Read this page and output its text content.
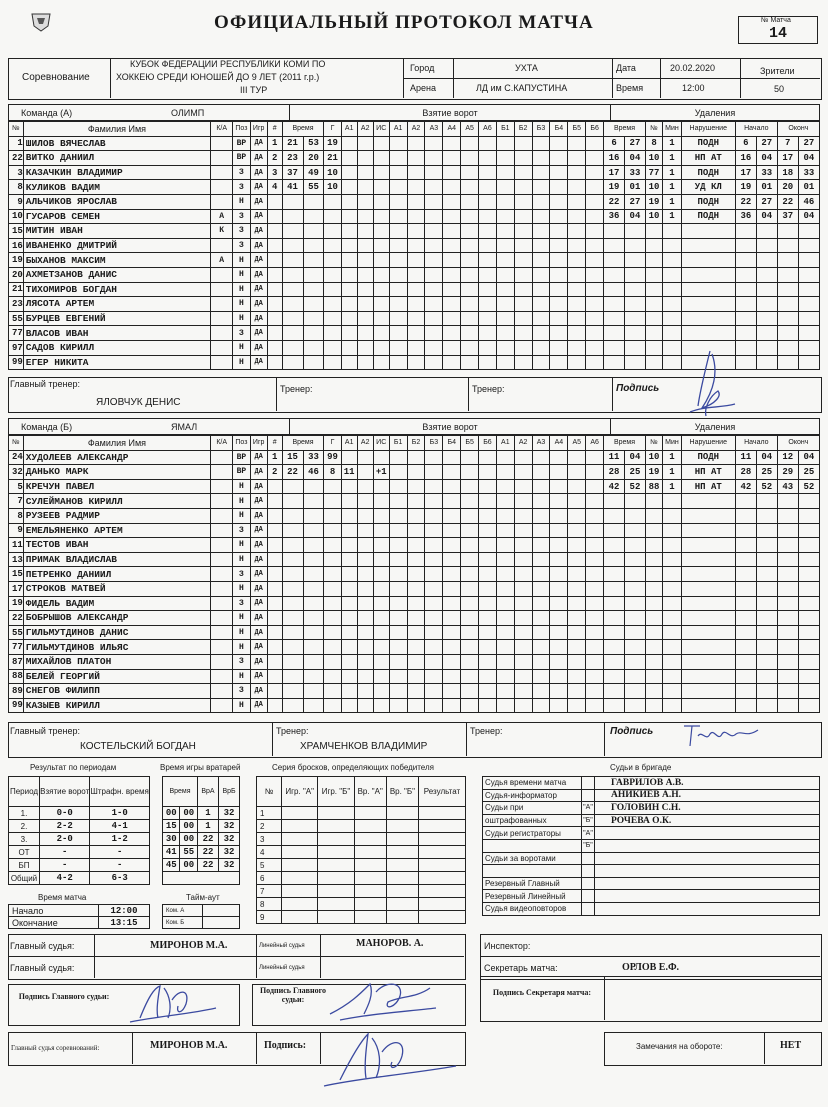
ОФИЦИАЛЬНЫЙ ПРОТОКОЛ МАТЧА	№ Матча
14
Соревнование
КУБОК ФЕДЕРАЦИИ РЕСПУБЛИКИ КОМИ ПО
ХОККЕЮ СРЕДИ ЮНОШЕЙ ДО 9 ЛЕТ (2011 г.р.)
III ТУР
Город	УХТА
Арена	ЛД им С.КАПУСТИНА
Дата	20.02.2020
Время	12:00
Зрители
50
Команда (А)	ОЛИМП	Взятие ворот	Удаления
№	Фамилия Имя	К/А	Поз	Игр	#	Время		Г	А1	А2	ИС	А1	А2	А3	А4	А5	А6	Б1	Б2	Б3	Б4	Б5	Б6	Время		№	Мин	Нарушение	Начало		Оконч	
1	ШИЛОВ ВЯЧЕСЛАВ		ВР	ДА	1	21	53	19																6	27	8	1	ПОДН	6	27	7	27
22	ВИТКО ДАНИИЛ		ВР	ДА	2	23	20	21																16	04	10	1	НП АТ	16	04	17	04
3	КАЗАЧКИН ВЛАДИМИР		З	ДА	3	37	49	10																17	33	77	1	ПОДН	17	33	18	33
8	КУЛИКОВ ВАДИМ		З	ДА	4	41	55	10																19	01	10	1	УД КЛ	19	01	20	01
9	АЛЬЧИКОВ ЯРОСЛАВ		Н	ДА																				22	27	19	1	ПОДН	22	27	22	46
10	ГУСАРОВ СЕМЕН	А	З	ДА																				36	04	10	1	ПОДН	36	04	37	04
15	МИТИН ИВАН	К	З	ДА																												
16	ИВАНЕНКО ДМИТРИЙ		З	ДА																												
19	БЫХАНОВ МАКСИМ	А	Н	ДА																												
20	АХМЕТЗАНОВ ДАНИС		Н	ДА																												
21	ТИХОМИРОВ БОГДАН		Н	ДА																												
23	ЛЯСОТА АРТЕМ		Н	ДА																												
55	БУРЦЕВ ЕВГЕНИЙ		Н	ДА																												
77	ВЛАСОВ ИВАН		З	ДА																												
97	САДОВ КИРИЛЛ		Н	ДА																												
99	ЕГЕР НИКИТА		Н	ДА																												
Команда (Б)	ЯМАЛ	Взятие ворот	Удаления
№	Фамилия Имя	К/А	Поз	Игр	#	Время		Г	А1	А2	ИС	Б1	Б2	Б3	Б4	Б5	Б6	А1	А2	А3	А4	А5	А6	Время		№	Мин	Нарушение	Начало		Оконч	
24	ХУДОЛЕЕВ АЛЕКСАНДР		ВР	ДА	1	15	33	99																11	04	10	1	ПОДН	11	04	12	04
32	ДАНЬКО МАРК		ВР	ДА	2	22	46	8	11		+1													28	25	19	1	НП АТ	28	25	29	25
5	КРЕЧУН ПАВЕЛ		Н	ДА																				42	52	88	1	НП АТ	42	52	43	52
7	СУЛЕЙМАНОВ КИРИЛЛ		Н	ДА																												
8	РУЗЕЕВ РАДМИР		Н	ДА																												
9	ЕМЕЛЬЯНЕНКО АРТЕМ		З	ДА																												
11	ТЕСТОВ ИВАН		Н	ДА																												
13	ПРИМАК ВЛАДИСЛАВ		Н	ДА																												
15	ПЕТРЕНКО ДАНИИЛ		З	ДА																												
17	СТРОКОВ МАТВЕЙ		Н	ДА																												
19	ФИДЕЛЬ ВАДИМ		З	ДА																												
22	БОБРЫШОВ АЛЕКСАНДР		Н	ДА																												
55	ГИЛЬМУТДИНОВ ДАНИС		Н	ДА																												
77	ГИЛЬМУТДИНОВ ИЛЬЯС		Н	ДА																												
87	МИХАЙЛОВ ПЛАТОН		З	ДА																												
88	БЕЛЕЙ ГЕОРГИЙ		Н	ДА																												
89	СНЕГОВ ФИЛИПП		З	ДА																												
99	КАЗЫЕВ КИРИЛЛ		Н	ДА																												
Главный тренер:
ЯЛОВЧУК ДЕНИС
Тренер:	Тренер:	Подпись
Главный тренер:
КОСТЕЛЬСКИЙ БОГДАН
Тренер:
ХРАМЧЕНКОВ ВЛАДИМИР
Тренер:	Подпись
Результат по периодам
Период	Взятие ворот	Штрафн. время
1.	0-0	1-0
2.	2-2	4-1
3.	2-0	1-2
ОТ	-	-
БП	-	-
Общий	4-2	6-3
Время матча
Начало	12:00
Окончание	13:15
Время игры вратарей
Время		ВрА	ВрБ
00	00	1	32
15	00	1	32
30	00	22	32
41	55	22	32
45	00	22	32

Тайм-аут
Ком. А	
Ком. Б	
Серия бросков, определяющих победителя
№	Игр. "А"	Игр. "Б"	Вр. "А"	Вр. "Б"	Результат
1					
2					
3					
4					
5					
6					
7					
8					
9					
Судьи в бригаде
Судья времени матча		ГАВРИЛОВ А.В.
Судья-информатор		АНИКИЕВ А.Н.
Судьи при	"А"	ГОЛОВИН С.Н.
оштрафованных	"Б"	РОЧЕВА О.К.
Судьи регистраторы	"А"	
	"Б"	
Судьи за воротами		

Резервный Главный		
Резервный Линейный		
Судья видеоповторов		
Главный судья:	МИРОНОВ М.А.
Главный судья:
Линейный судья	МАНОРОВ. А.
Линейный судья
Инспектор:
Секретарь матча:	ОРЛОВ Е.Ф.
Подпись Главного судьи:
Подпись Главного судьи:
Подпись Секретаря матча:
Главный судья соревнований:	МИРОНОВ М.А.	Подпись:	Замечания на обороте:	НЕТ
